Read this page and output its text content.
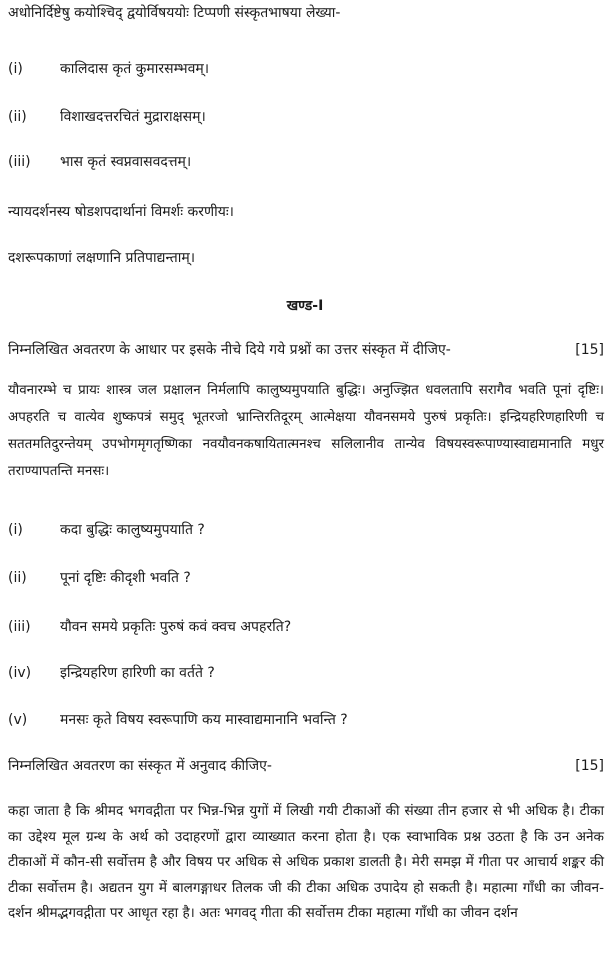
अधोनिर्दिष्टेषु कयोश्चिद् द्वयोर्विषययोः टिप्पणी संस्कृतभाषया लेख्या-
(i)	कालिदास कृतं कुमारसम्भवम्।
(ii)	विशाखदत्तरचितं मुद्राराक्षसम्।
(iii)	भास कृतं स्वप्नवासवदत्तम्।
न्यायदर्शनस्य षोडशपदार्थानां विमर्शः करणीयः।
दशरूपकाणां लक्षणानि प्रतिपाद्यन्ताम्।
खण्ड-I
निम्नलिखित अवतरण के आधार पर इसके नीचे दिये गये प्रश्नों का उत्तर संस्कृत में दीजिए-	[15]
यौवनारम्भे च प्रायः शास्त्र जल प्रक्षालन निर्मलापि कालुष्यमुपयाति बुद्धिः। अनुज्झित धवलतापि सरागैव भवति पूनां दृष्टिः। अपहरति च वात्येव शुष्कपत्रं समुद् भूतरजो भ्रान्तिरतिदूरम् आत्मेक्षया यौवनसमये पुरुषं प्रकृतिः। इन्द्रियहरिणहारिणी च सततमतिदुरन्तेयम् उपभोगमृगतृष्णिका नवयौवनकषायितात्मनश्च सलिलानीव तान्येव विषयस्वरूपाण्यास्वाद्यमानाति मधुर तराण्यापतन्ति मनसः।
(i)	कदा बुद्धिः कालुष्यमुपयाति ?
(ii)	पूनां दृष्टिः कीदृशी भवति ?
(iii)	यौवन समये प्रकृतिः पुरुषं कवं क्वच अपहरति?
(iv)	इन्द्रियहरिण हारिणी का वर्तते ?
(v)	मनसः कृते विषय स्वरूपाणि कय मास्वाद्यमानानि भवन्ति ?
निम्नलिखित अवतरण का संस्कृत में अनुवाद कीजिए-	[15]
कहा जाता है कि श्रीमद भगवद्गीता पर भिन्न-भिन्न युगों में लिखी गयी टीकाओं की संख्या तीन हजार से भी अधिक है। टीका का उद्देश्य मूल ग्रन्थ के अर्थ को उदाहरणों द्वारा व्याख्यात करना होता है। एक स्वाभाविक प्रश्न उठता है कि उन अनेक टीकाओं में कौन-सी सर्वोत्तम है और विषय पर अधिक से अधिक प्रकाश डालती है। मेरी समझ में गीता पर आचार्य शङ्कर की टीका सर्वोत्तम है। अद्यतन युग में बालगङ्गाधर तिलक जी की टीका अधिक उपादेय हो सकती है। महात्मा गाँधी का जीवन-दर्शन श्रीमद्भगवद्गीता पर आधृत रहा है। अतः भगवद् गीता की सर्वोत्तम टीका महात्मा गाँधी का जीवन दर्शन
